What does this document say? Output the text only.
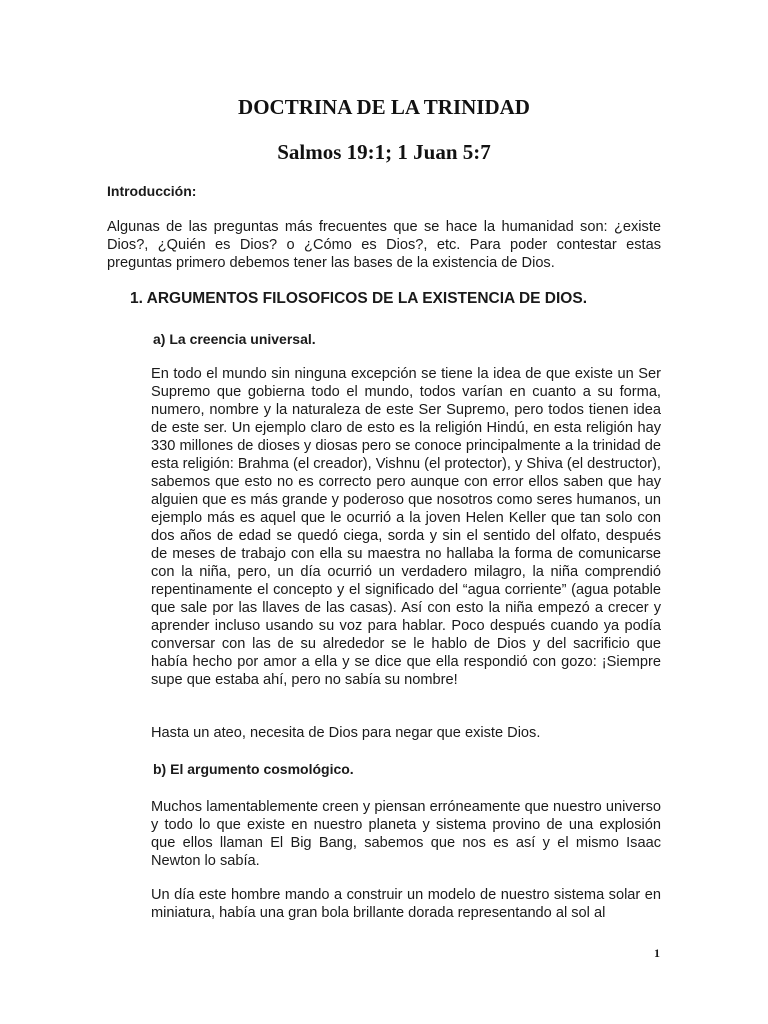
DOCTRINA DE LA TRINIDAD
Salmos 19:1; 1 Juan 5:7
Introducción:

Algunas de las preguntas más frecuentes que se hace la humanidad son: ¿existe Dios?, ¿Quién es Dios? o ¿Cómo es Dios?, etc. Para poder contestar estas preguntas primero debemos tener las bases de la existencia de Dios.

1. ARGUMENTOS FILOSOFICOS DE LA EXISTENCIA DE DIOS.
a) La creencia universal.

En todo el mundo sin ninguna excepción se tiene la idea de que existe un Ser Supremo que gobierna todo el mundo, todos varían en cuanto a su forma, numero, nombre y la naturaleza de este Ser Supremo, pero todos tienen idea de este ser. Un ejemplo claro de esto es la religión Hindú, en esta religión hay 330 millones de dioses y diosas pero se conoce principalmente a la trinidad de esta religión: Brahma (el creador), Vishnu (el protector), y Shiva (el destructor), sabemos que esto no es correcto pero aunque con error ellos saben que hay alguien que es más grande y poderoso que nosotros como seres humanos, un ejemplo más es aquel que le ocurrió a la joven Helen Keller que tan solo con dos años de edad se quedó ciega, sorda y sin el sentido del olfato, después de meses de trabajo con ella su maestra no hallaba la forma de comunicarse con la niña, pero, un día ocurrió un verdadero milagro, la niña comprendió repentinamente el concepto y el significado del “agua corriente” (agua potable que sale por las llaves de las casas). Así con esto la niña empezó a crecer y aprender incluso usando su voz para hablar. Poco después cuando ya podía conversar con las de su alrededor se le hablo de Dios y del sacrificio que había hecho por amor a ella y se dice que ella respondió con gozo: ¡Siempre supe que estaba ahí, pero no sabía su nombre!

Hasta un ateo, necesita de Dios para negar que existe Dios.

b) El argumento cosmológico.

Muchos lamentablemente creen y piensan erróneamente que nuestro universo y todo lo que existe en nuestro planeta y sistema provino de una explosión que ellos llaman El Big Bang, sabemos que nos es así y el mismo Isaac Newton lo sabía.

Un día este hombre mando a construir un modelo de nuestro sistema solar en miniatura, había una gran bola brillante dorada representando al sol al

1
